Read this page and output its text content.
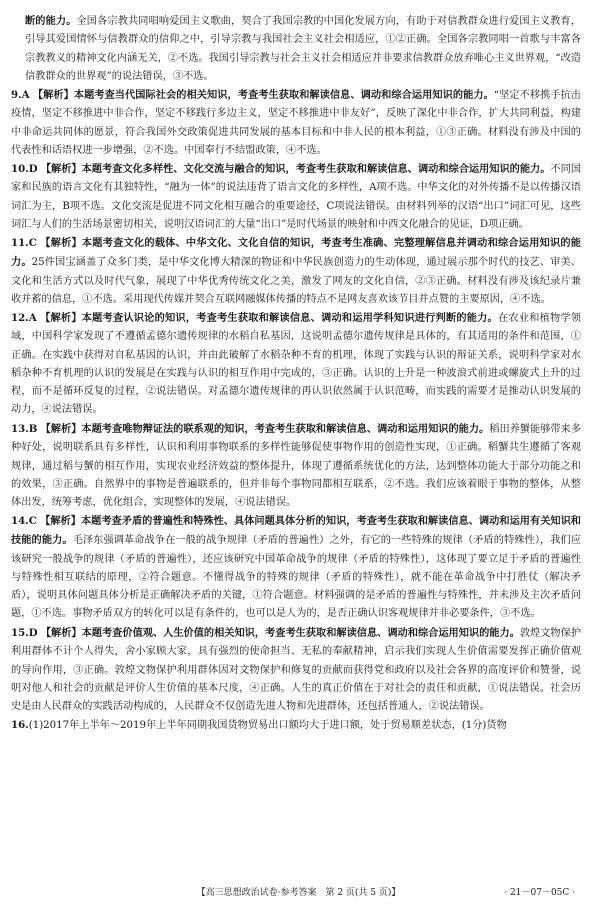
断的能力。全国各宗教共同唱响爱国主义歌曲，契合了我国宗教的中国化发展方向，有助于对信教群众进行爱国主义教育，引导其爱国情怀与信教群众的信仰之中，引导宗教与我国社会主义社会相适应，①②正确。全国各宗教同唱一首歌与丰富各宗教教义的精神文化内涵无关，②不选。我国引导宗教与社会主义社会相适应并非要求信教群众放弃唯心主义世界观，“改造信教群众的世界观”的说法错误，③不选。

9.A 【解析】本题考查当代国际社会的相关知识，考查考生获取和解读信息、调动和综合运用知识的能力。“坚定不移携手抗击疫情，坚定不移推进中非合作，坚定不移践行多边主义，坚定不移推进中非友好”，反映了深化中非合作，扩大共同利益，构建中非命运共同体的愿景，符合我国外交政策促进共同发展的基本目标和中非人民的根本利益，①③正确。材料没有涉及中国的代表性和话语权进一步增强，②不选。中国奉行不结盟政策，④不选。

10.D 【解析】本题考查文化多样性、文化交流与融合的知识，考查考生获取和解读信息、调动和综合运用知识的能力。不同国家和民族的语言文化有其独特性，“融为一体”的说法违背了语言文化的多样性，A项不选。中华文化的对外传播不是以传播汉语词汇为主，B项不选。文化交流是促进不同文化相互融合的重要途径，C项说法错误。由材料列举的汉语“出口”词汇可见，这些词汇与人们的生活场景密切相关，说明汉语词汇的大量“出口”是时代场景的映射和中西文化融合的见证，D项正确。

11.C 【解析】本题考查文化的载体、中华文化、文化自信的知识，考查考生准确、完整理解信息并调动和综合运用知识的能力。25件国宝涵盖了众多门类，是中华文化博大精深的物证和中华民族创造力的生动体现，通过展示那个时代的技艺、审美、文化和生活方式以及时代气象，展现了中华优秀传统文化之美，激发了网友的文化自信，②③正确。材料没有涉及该纪录片兼收并蓄的信息，①不选。采用现代传媒并契合互联网融媒体传播的特点不是网友喜欢该节目并点赞的主要原因，④不选。

12.A 【解析】本题考查认识论的知识，考查考生获取和解读信息、调动和运用学科知识进行判断的能力。在农业和植物学领域，中国科学家发现了不遵循孟德尔遗传规律的水稻自私基因，这说明孟德尔遗传规律是具体的，有其适用的条件和范围，①正确。在实践中获得对自私基因的认识，并由此破解了水稻杂种不育的机理，体现了实践与认识的辩证关系，说明科学家对水稻杂种不育机理的认识的发展是在实践与认识的相互作用中完成的，③正确。认识的上升是一种波浪式前进或螺旋式上升的过程，而不是循环反复的过程，②说法错误。对孟德尔遗传规律的再认识依然属于认识范畴，而实践的需要才是推动认识发展的动力，④说法错误。

13.B 【解析】本题考查唯物辩证法的联系观的知识，考查考生获取和解读信息、调动和运用知识的能力。稻田养蟹能够带来多种好处，说明联系具有多样性，认识和利用事物联系的多样性能够促使事物作用的创造性实现，①正确。稻蟹共生遵循了客观规律，通过稻与蟹的相互作用，实现农业经济效益的整体提升，体现了遵循系统优化的方法，达到整体功能大于部分功能之和的效果，③正确。自然界中的事物是普遍联系的，但并非每个事物同都相互联系，②不选。我们应该着眼于事物的整体，从整体出发，统筹考虑，优化组合，实现整体的发展，④说法错误。

14.C 【解析】本题考查矛盾的普遍性和特殊性、具体问题具体分析的知识，考查考生获取和解读信息、调动和运用有关知识和技能的能力。毛泽东强调革命战争在一般的战争规律（矛盾的普遍性）之外，有它的一些特殊的规律（矛盾的特殊性），我们应该研究一般战争的规律（矛盾的普遍性），还应该研究中国革命战争的规律（矛盾的特殊性），这体现了要立足于矛盾的普遍性与特殊性相互联结的原理，②符合题意。不懂得战争的特殊的规律（矛盾的特殊性），就不能在革命战争中打胜仗（解决矛盾），说明具体问题具体分析是正确解决矛盾的关键，①符合题意。材料强调的是矛盾的普遍性与特殊性，并未涉及主次矛盾问题，①不选。事物矛盾双方的转化可以是有条件的，也可以是人为的，是否正确认识客观规律并非必要条件，③不选。

15.D 【解析】本题考查价值观、人生价值的相关知识，考查考生获取和解读信息、调动和综合运用知识的能力。敦煌文物保护利用群体不计个人得失，舍小家顾大家，具有强烈的使命担当、无私的奉献精神，启示我们实现人生价值需要发挥正确价值观的导向作用，③正确。敦煌文物保护利用群体因对文物保护和修复的贡献而获得党和政府以及社会各界的高度评价和赞誉，说明对他人和社会的贡献是评价人生价值的基本尺度，④正确。人生的真正价值在于对社会的责任和贡献，①说法错误。社会历史是由人民群众的实践活动构成的，人民群众不仅创造先进人物和先进群体，还包括普通人，②说法错误。

16.(1)2017年上半年～2019年上半年同期我国货物贸易出口额均大于进口额，处于贸易顺差状态，(1分)货物

【高三思想政治试卷·参考答案　第 2 页(共 5 页)】	· 21－07－05C ·
